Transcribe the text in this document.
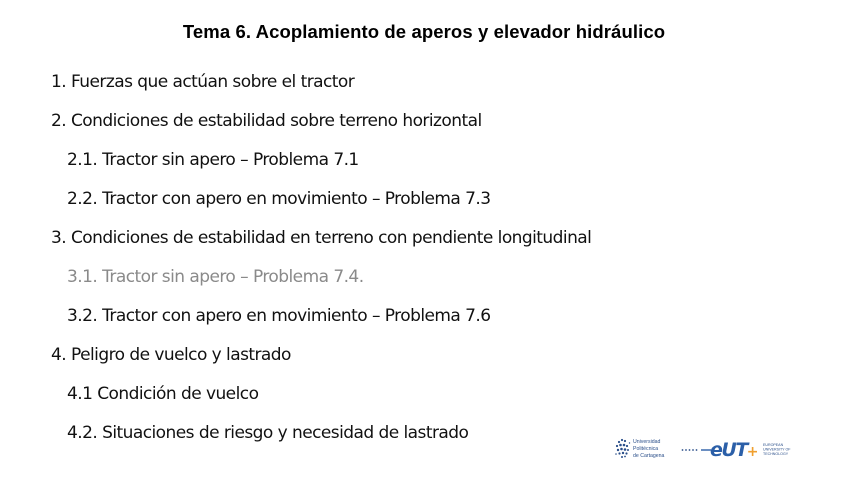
Tema 6. Acoplamiento de aperos y elevador hidráulico
1. Fuerzas que actúan sobre el tractor
2. Condiciones de estabilidad sobre terreno horizontal
2.1. Tractor sin apero – Problema 7.1
2.2. Tractor con apero en movimiento – Problema 7.3
3. Condiciones de estabilidad en terreno con pendiente longitudinal
3.1. Tractor sin apero – Problema 7.4.
3.2. Tractor con apero en movimiento – Problema 7.6
4. Peligro de vuelco y lastrado
4.1 Condición de vuelco
4.2. Situaciones de riesgo y necesidad de lastrado	Universidad
Politécnica
de Cartagena eUT+ EUROPEAN
UNIVERSITY OF
TECHNOLOGY
